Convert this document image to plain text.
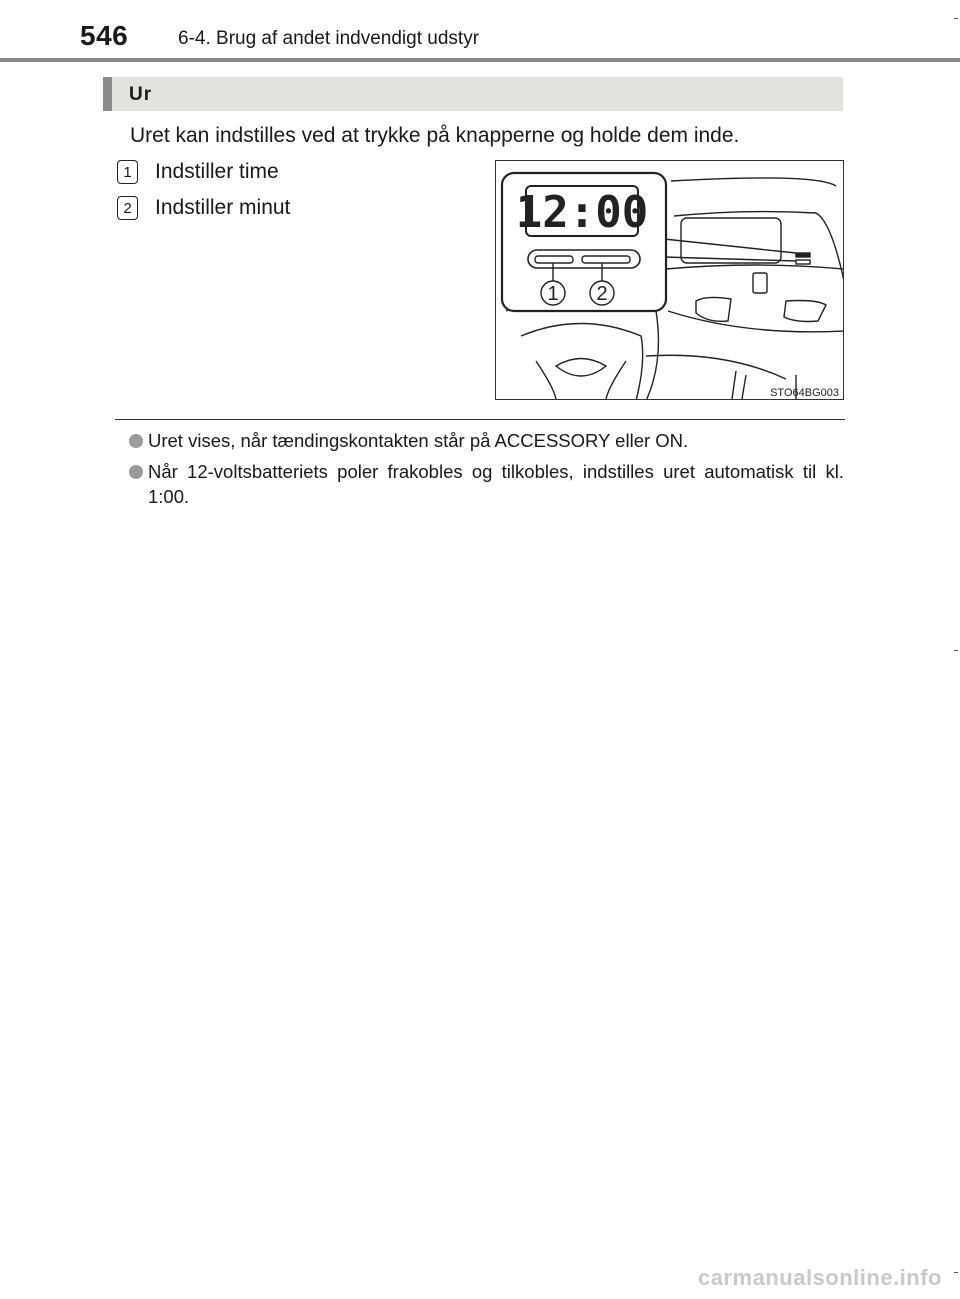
546	6-4. Brug af andet indvendigt udstyr
Ur
Uret kan indstilles ved at trykke på knapperne og holde dem inde.
1	Indstiller time
2	Indstiller minut	12:00
1 2
STO64BG003
Uret vises, når tændingskontakten står på ACCESSORY eller ON.
Når 12-voltsbatteriets poler frakobles og tilkobles, indstilles uret automatisk til kl. 1:00.
carmanualsonline.info
